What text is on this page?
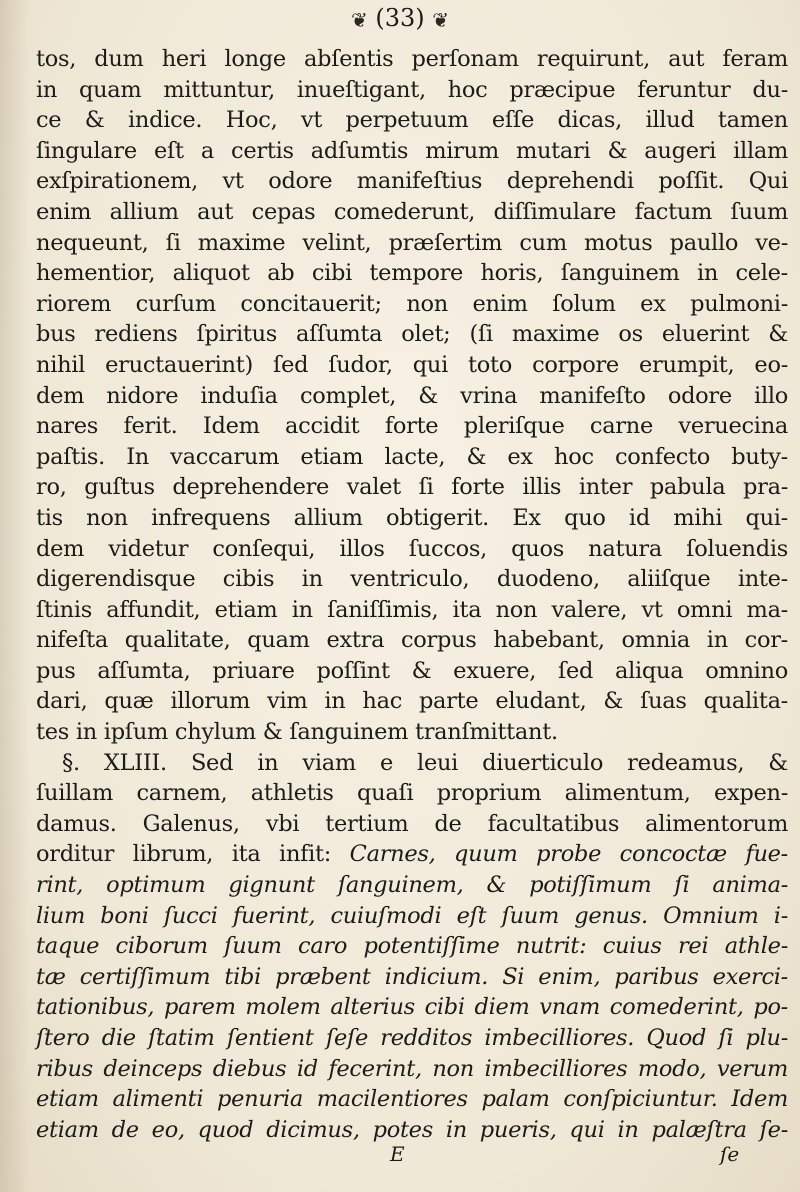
❦ (33) ❦
tos, dum heri longe abſentis perſonam requirunt, aut feram
in quam mittuntur, inueſtigant, hoc præcipue feruntur du-
ce & indice. Hoc, vt perpetuum eſſe dicas, illud tamen
ſingulare eſt a certis adſumtis mirum mutari & augeri illam
exſpirationem, vt odore manifeſtius deprehendi poſſit. Qui
enim allium aut cepas comederunt, diſſimulare factum ſuum
nequeunt, ſi maxime velint, præſertim cum motus paullo ve-
hementior, aliquot ab cibi tempore horis, ſanguinem in cele-
riorem curſum concitauerit; non enim ſolum ex pulmoni-
bus rediens ſpiritus aſſumta olet; (ſi maxime os eluerint &
nihil eructauerint) ſed ſudor, qui toto corpore erumpit, eo-
dem nidore induſia complet, & vrina manifeſto odore illo
nares ferit. Idem accidit forte pleriſque carne veruecina
paſtis. In vaccarum etiam lacte, & ex hoc confecto buty-
ro, guſtus deprehendere valet ſi forte illis inter pabula pra-
tis non infrequens allium obtigerit. Ex quo id mihi qui-
dem videtur conſequi, illos ſuccos, quos natura ſoluendis
digerendisque cibis in ventriculo, duodeno, aliiſque inte-
ſtinis affundit, etiam in ſaniſſimis, ita non valere, vt omni ma-
nifeſta qualitate, quam extra corpus habebant, omnia in cor-
pus aſſumta, priuare poſſint & exuere, ſed aliqua omnino
dari, quæ illorum vim in hac parte eludant, & ſuas qualita-
tes in ipſum chylum & ſanguinem tranſmittant.
§. XLIII. Sed in viam e leui diuerticulo redeamus, &
ſuillam carnem, athletis quaſi proprium alimentum, expen-
damus. Galenus, vbi tertium de facultatibus alimentorum
orditur librum, ita infit: Carnes, quum probe concoctæ fue-
rint, optimum gignunt ſanguinem, & potiſſimum ſi anima-
lium boni ſucci fuerint, cuiuſmodi eſt ſuum genus. Omnium i-
taque ciborum ſuum caro potentiſſime nutrit: cuius rei athle-
tæ certiſſimum tibi præbent indicium. Si enim, paribus exerci-
tationibus, parem molem alterius cibi diem vnam comederint, po-
ſtero die ſtatim ſentient ſeſe redditos imbecilliores. Quod ſi plu-
ribus deinceps diebus id fecerint, non imbecilliores modo, verum
etiam alimenti penuria macilentiores palam conſpiciuntur. Idem
etiam de eo, quod dicimus, potes in pueris, qui in palæſtra ſe-
E	ſe
